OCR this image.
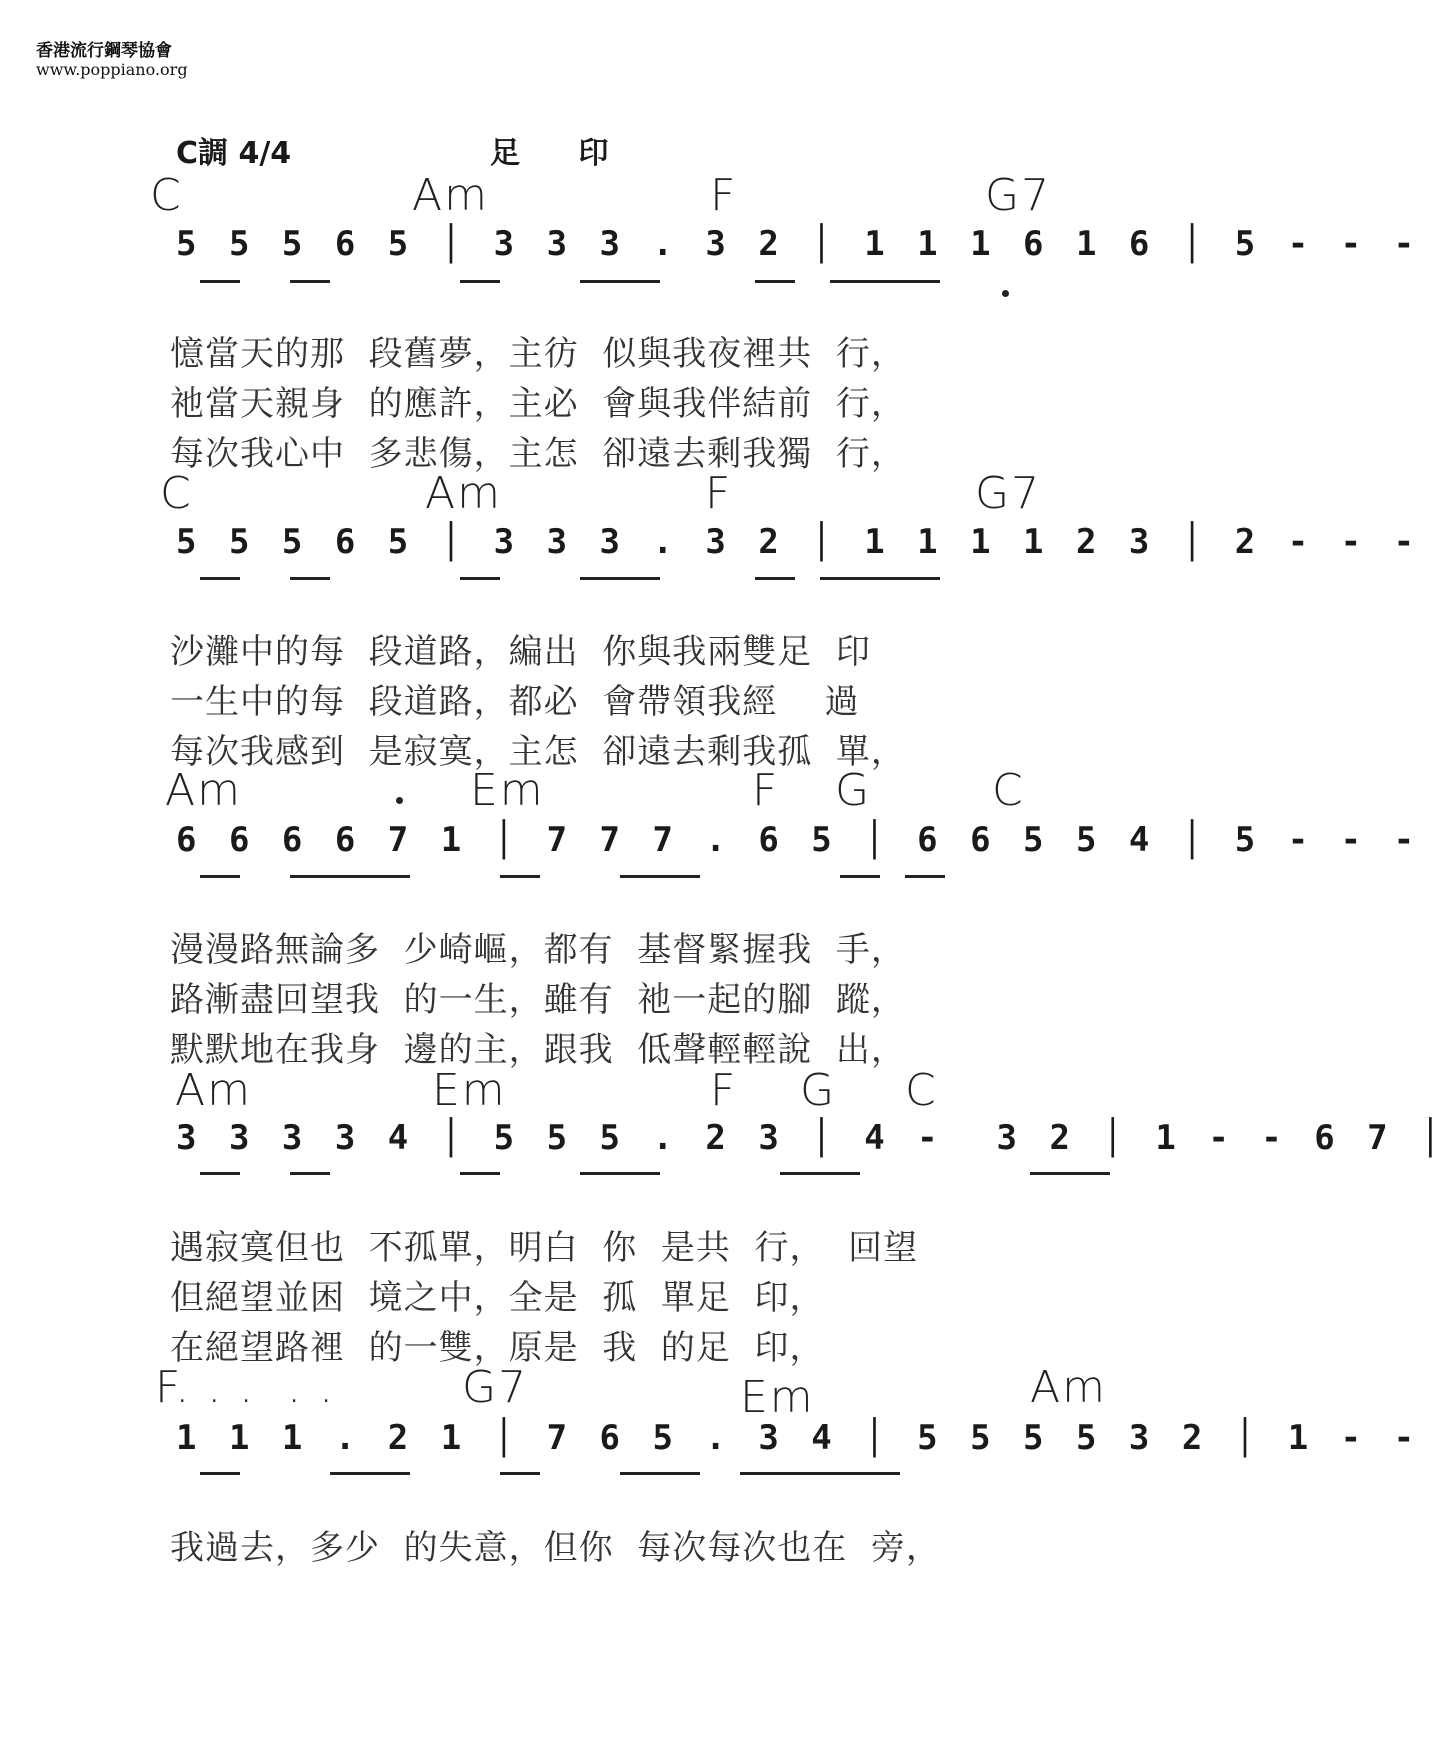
香港流行鋼琴協會
www.poppiano.org
C調 4/4	足 印
C	Am	F	G7
5 5 5 6 5 │ 3 3 3 . 3 2 │ 1 1 1 6 1 6 │ 5 - - -
憶當天的那  段舊夢，主彷  似與我夜裡共  行，
祂當天親身  的應許，主必  會與我伴結前  行，
每次我心中  多悲傷，主怎  卻遠去剩我獨  行，
C	Am	F	G7
5 5 5 6 5 │ 3 3 3 . 3 2 │ 1 1 1 1 2 3 │ 2 - - -
沙灘中的每  段道路，編出  你與我兩雙足  印
一生中的每  段道路，都必  會帶領我經    過
每次我感到  是寂寞，主怎  卻遠去剩我孤  單，
Am	Em	F G	C
6 6 6 6 7 1 │ 7 7 7 . 6 5 │ 6 6 5 5 4 │ 5 - - -
漫漫路無論多  少崎嶇，都有  基督緊握我  手，
路漸盡回望我  的一生，雖有  祂一起的腳  蹤，
默默地在我身  邊的主，跟我  低聲輕輕說  出，
Am	Em	F G C
3 3 3 3 4 │ 5 5 5 . 2 3 │ 4 -  3 2 │ 1 - - 6 7 │
遇寂寞但也  不孤單，明白  你  是共  行，  回望
但絕望並困  境之中，全是  孤  單足  印，
在絕望路裡  的一雙，原是  我  的足  印，
F. . .  . .	G7	Em	Am
1 1 1 . 2 1 │ 7 6 5 . 3 4 │ 5 5 5 5 3 2 │ 1 - -
我過去，多少  的失意，但你  每次每次也在  旁，
